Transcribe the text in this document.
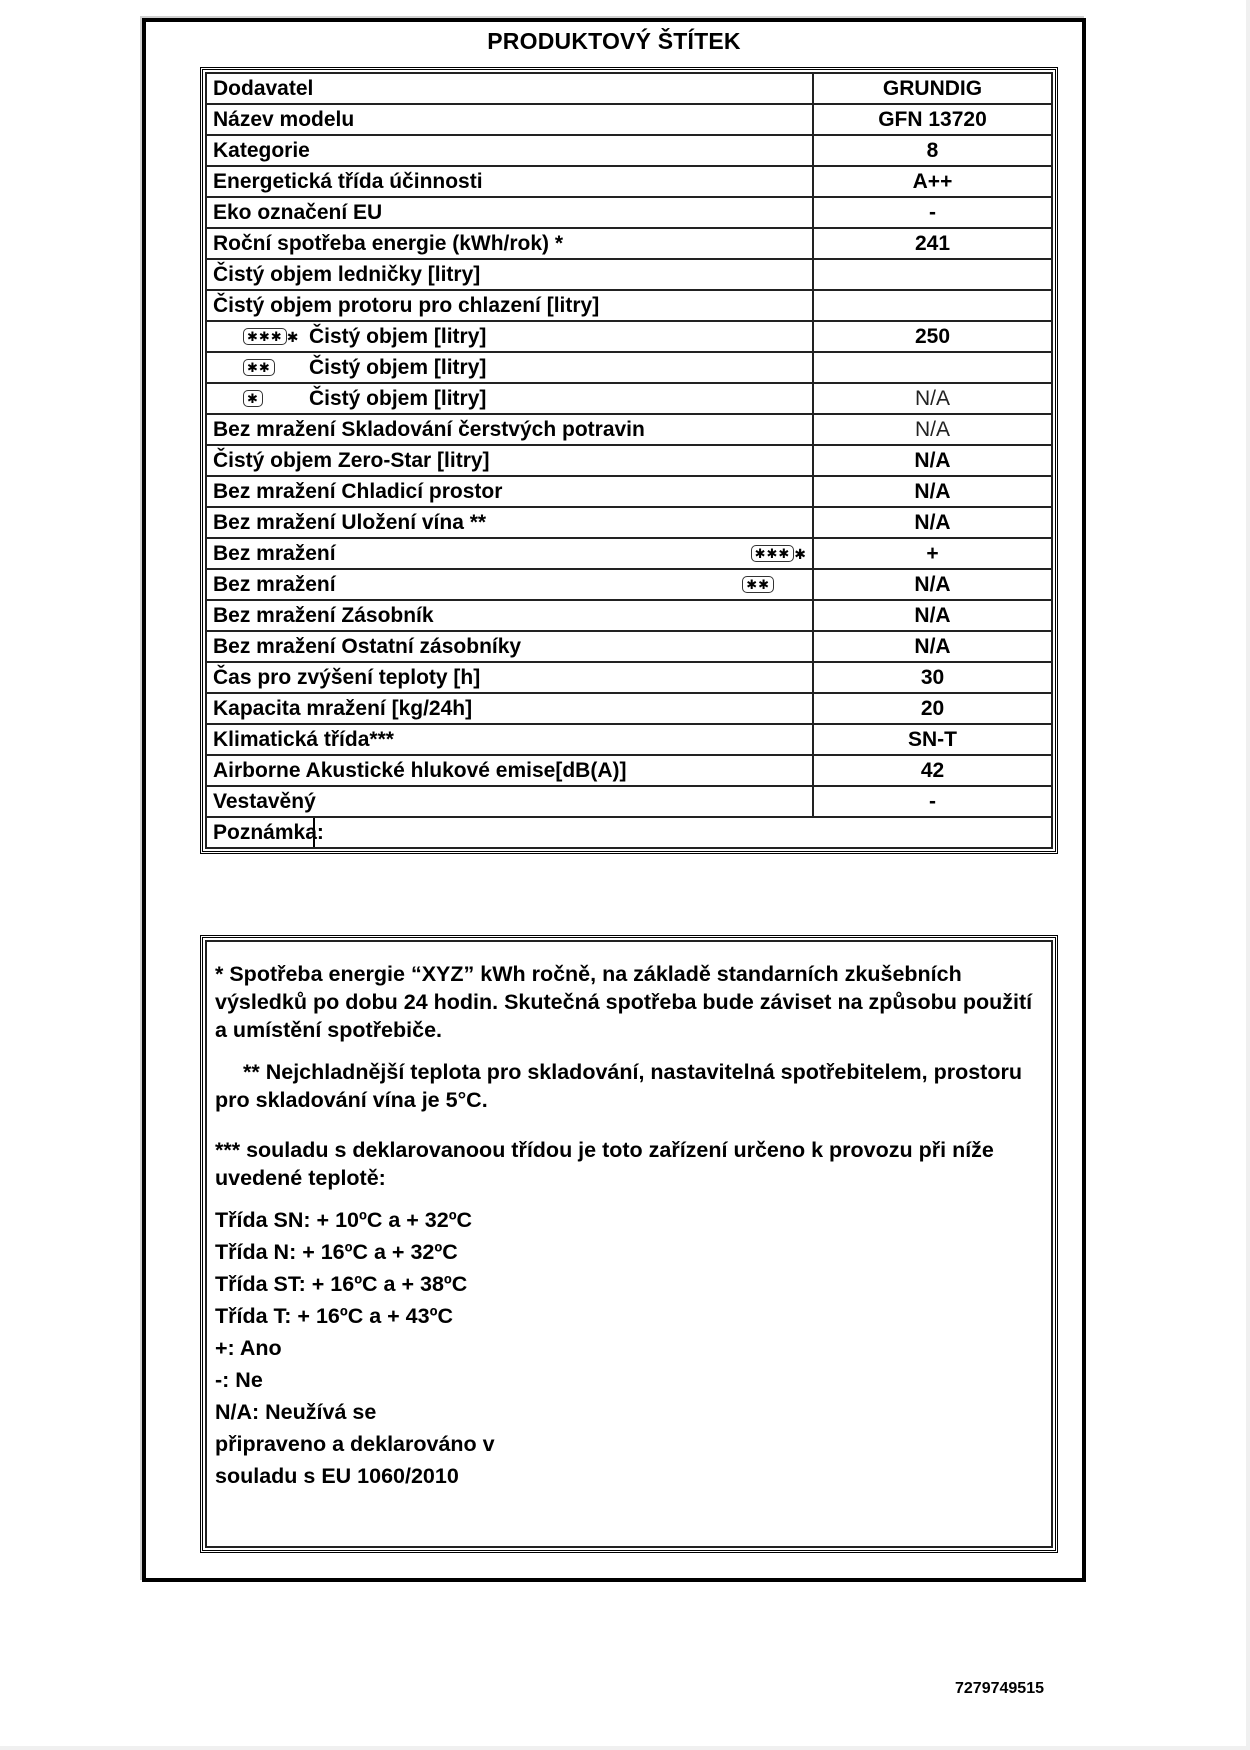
PRODUKTOVÝ ŠTÍTEK
Dodavatel	GRUNDIG
Název modelu	GFN 13720
Kategorie	8
Energetická třída účinnosti	A++
Eko označení EU	-
Roční spotřeba energie (kWh/rok) *	241
Čistý objem ledničky [litry]	
Čistý objem protoru pro chlazení [litry]	
✱✱✱ ✱ Čistý objem [litry]	250
✱✱ Čistý objem [litry]	
✱ Čistý objem [litry]	N/A
Bez mražení Skladování čerstvých potravin	N/A
Čistý objem Zero-Star [litry]	N/A
Bez mražení Chladicí prostor	N/A
Bez mražení Uložení vína **	N/A
Bez mražení ✱✱✱ ✱	+
Bez mražení ✱✱	N/A
Bez mražení Zásobník	N/A
Bez mražení Ostatní zásobníky	N/A
Čas pro zvýšení teploty [h]	30
Kapacita mražení [kg/24h]	20
Klimatická třída***	SN-T
Airborne Akustické hlukové emise[dB(A)]	42
Vestavěný	-
Poznámka:	

* Spotřeba energie “XYZ” kWh ročně, na základě standarních zkušebních výsledků po dobu 24 hodin. Skutečná spotřeba bude záviset na způsobu použití a umístění spotřebiče.

** Nejchladnější teplota pro skladování, nastavitelná spotřebitelem, prostoru pro skladování vína je 5°C.

*** souladu s deklarovanoou třídou je toto zařízení určeno k provozu při níže uvedené teplotě:

Třída SN: + 10ºC a + 32ºC
Třída N: + 16ºC a + 32ºC
Třída ST: + 16ºC a + 38ºC
Třída T: + 16ºC a + 43ºC
+: Ano
-: Ne
N/A: Neužívá se
připraveno a deklarováno v
souladu s EU 1060/2010
7279749515
